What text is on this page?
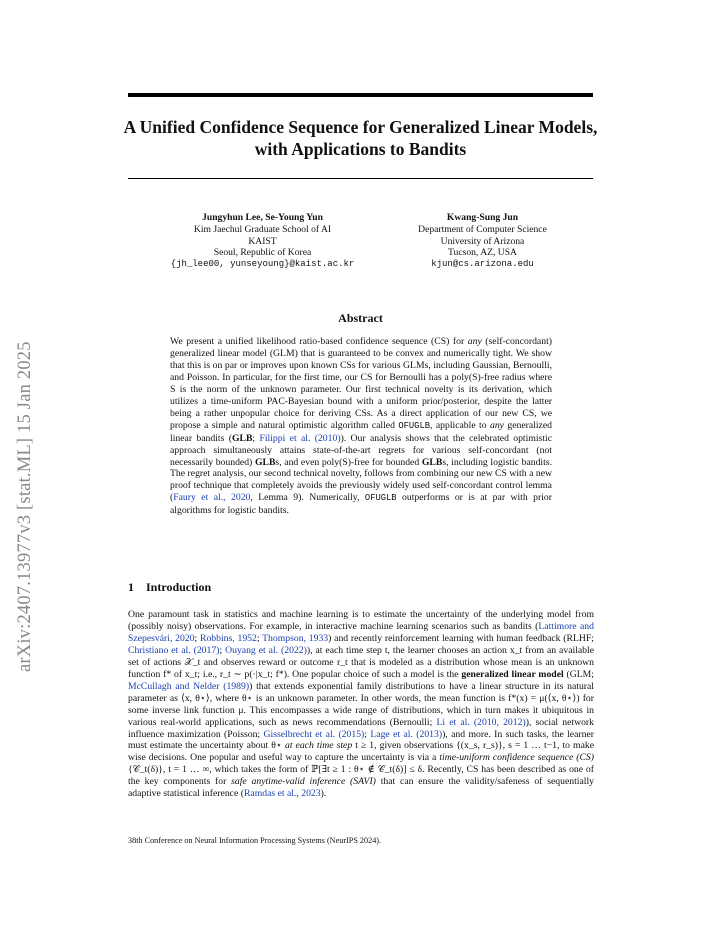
arXiv:2407.13977v3 [stat.ML] 15 Jan 2025
A Unified Confidence Sequence for Generalized Linear Models, with Applications to Bandits
Jungyhun Lee, Se-Young Yun
Kim Jaechul Graduate School of AI
KAIST
Seoul, Republic of Korea
{jh_lee00, yunseyoung}@kaist.ac.kr
Kwang-Sung Jun
Department of Computer Science
University of Arizona
Tucson, AZ, USA
kjun@cs.arizona.edu
Abstract
We present a unified likelihood ratio-based confidence sequence (CS) for any (self-concordant) generalized linear model (GLM) that is guaranteed to be convex and numerically tight. We show that this is on par or improves upon known CSs for various GLMs, including Gaussian, Bernoulli, and Poisson. In particular, for the first time, our CS for Bernoulli has a poly(S)-free radius where S is the norm of the unknown parameter. Our first technical novelty is its derivation, which utilizes a time-uniform PAC-Bayesian bound with a uniform prior/posterior, despite the latter being a rather unpopular choice for deriving CSs. As a direct application of our new CS, we propose a simple and natural optimistic algorithm called OFUGLB, applicable to any generalized linear bandits (GLB; Filippi et al. (2010)). Our analysis shows that the celebrated optimistic approach simultaneously attains state-of-the-art regrets for various self-concordant (not necessarily bounded) GLBs, and even poly(S)-free for bounded GLBs, including logistic bandits. The regret analysis, our second technical novelty, follows from combining our new CS with a new proof technique that completely avoids the previously widely used self-concordant control lemma (Faury et al., 2020, Lemma 9). Numerically, OFUGLB outperforms or is at par with prior algorithms for logistic bandits.
1 Introduction
One paramount task in statistics and machine learning is to estimate the uncertainty of the underlying model from (possibly noisy) observations. For example, in interactive machine learning scenarios such as bandits (Lattimore and Szepesvári, 2020; Robbins, 1952; Thompson, 1933) and recently reinforcement learning with human feedback (RLHF; Christiano et al. (2017); Ouyang et al. (2022)), at each time step t, the learner chooses an action x_t from an available set of actions 𝒳_t and observes reward or outcome r_t that is modeled as a distribution whose mean is an unknown function f* of x_t; i.e., r_t ∼ p(·|x_t; f*). One popular choice of such a model is the generalized linear model (GLM; McCullagh and Nelder (1989)) that extends exponential family distributions to have a linear structure in its natural parameter as ⟨x, θ⋆⟩, where θ⋆ is an unknown parameter. In other words, the mean function is f*(x) = μ(⟨x, θ⋆⟩) for some inverse link function μ. This encompasses a wide range of distributions, which in turn makes it ubiquitous in various real-world applications, such as news recommendations (Bernoulli; Li et al. (2010, 2012)), social network influence maximization (Poisson; Gisselbrecht et al. (2015); Lage et al. (2013)), and more. In such tasks, the learner must estimate the uncertainty about θ⋆ at each time step t ≥ 1, given observations {(x_s, r_s)}, s = 1 … t−1, to make wise decisions. One popular and useful way to capture the uncertainty is via a time-uniform confidence sequence (CS) {𝒞_t(δ)}, t = 1 … ∞, which takes the form of ℙ[∃t ≥ 1 : θ⋆ ∉ 𝒞_t(δ)] ≤ δ. Recently, CS has been described as one of the key components for safe anytime-valid inference (SAVI) that can ensure the validity/safeness of sequentially adaptive statistical inference (Ramdas et al., 2023).
38th Conference on Neural Information Processing Systems (NeurIPS 2024).
